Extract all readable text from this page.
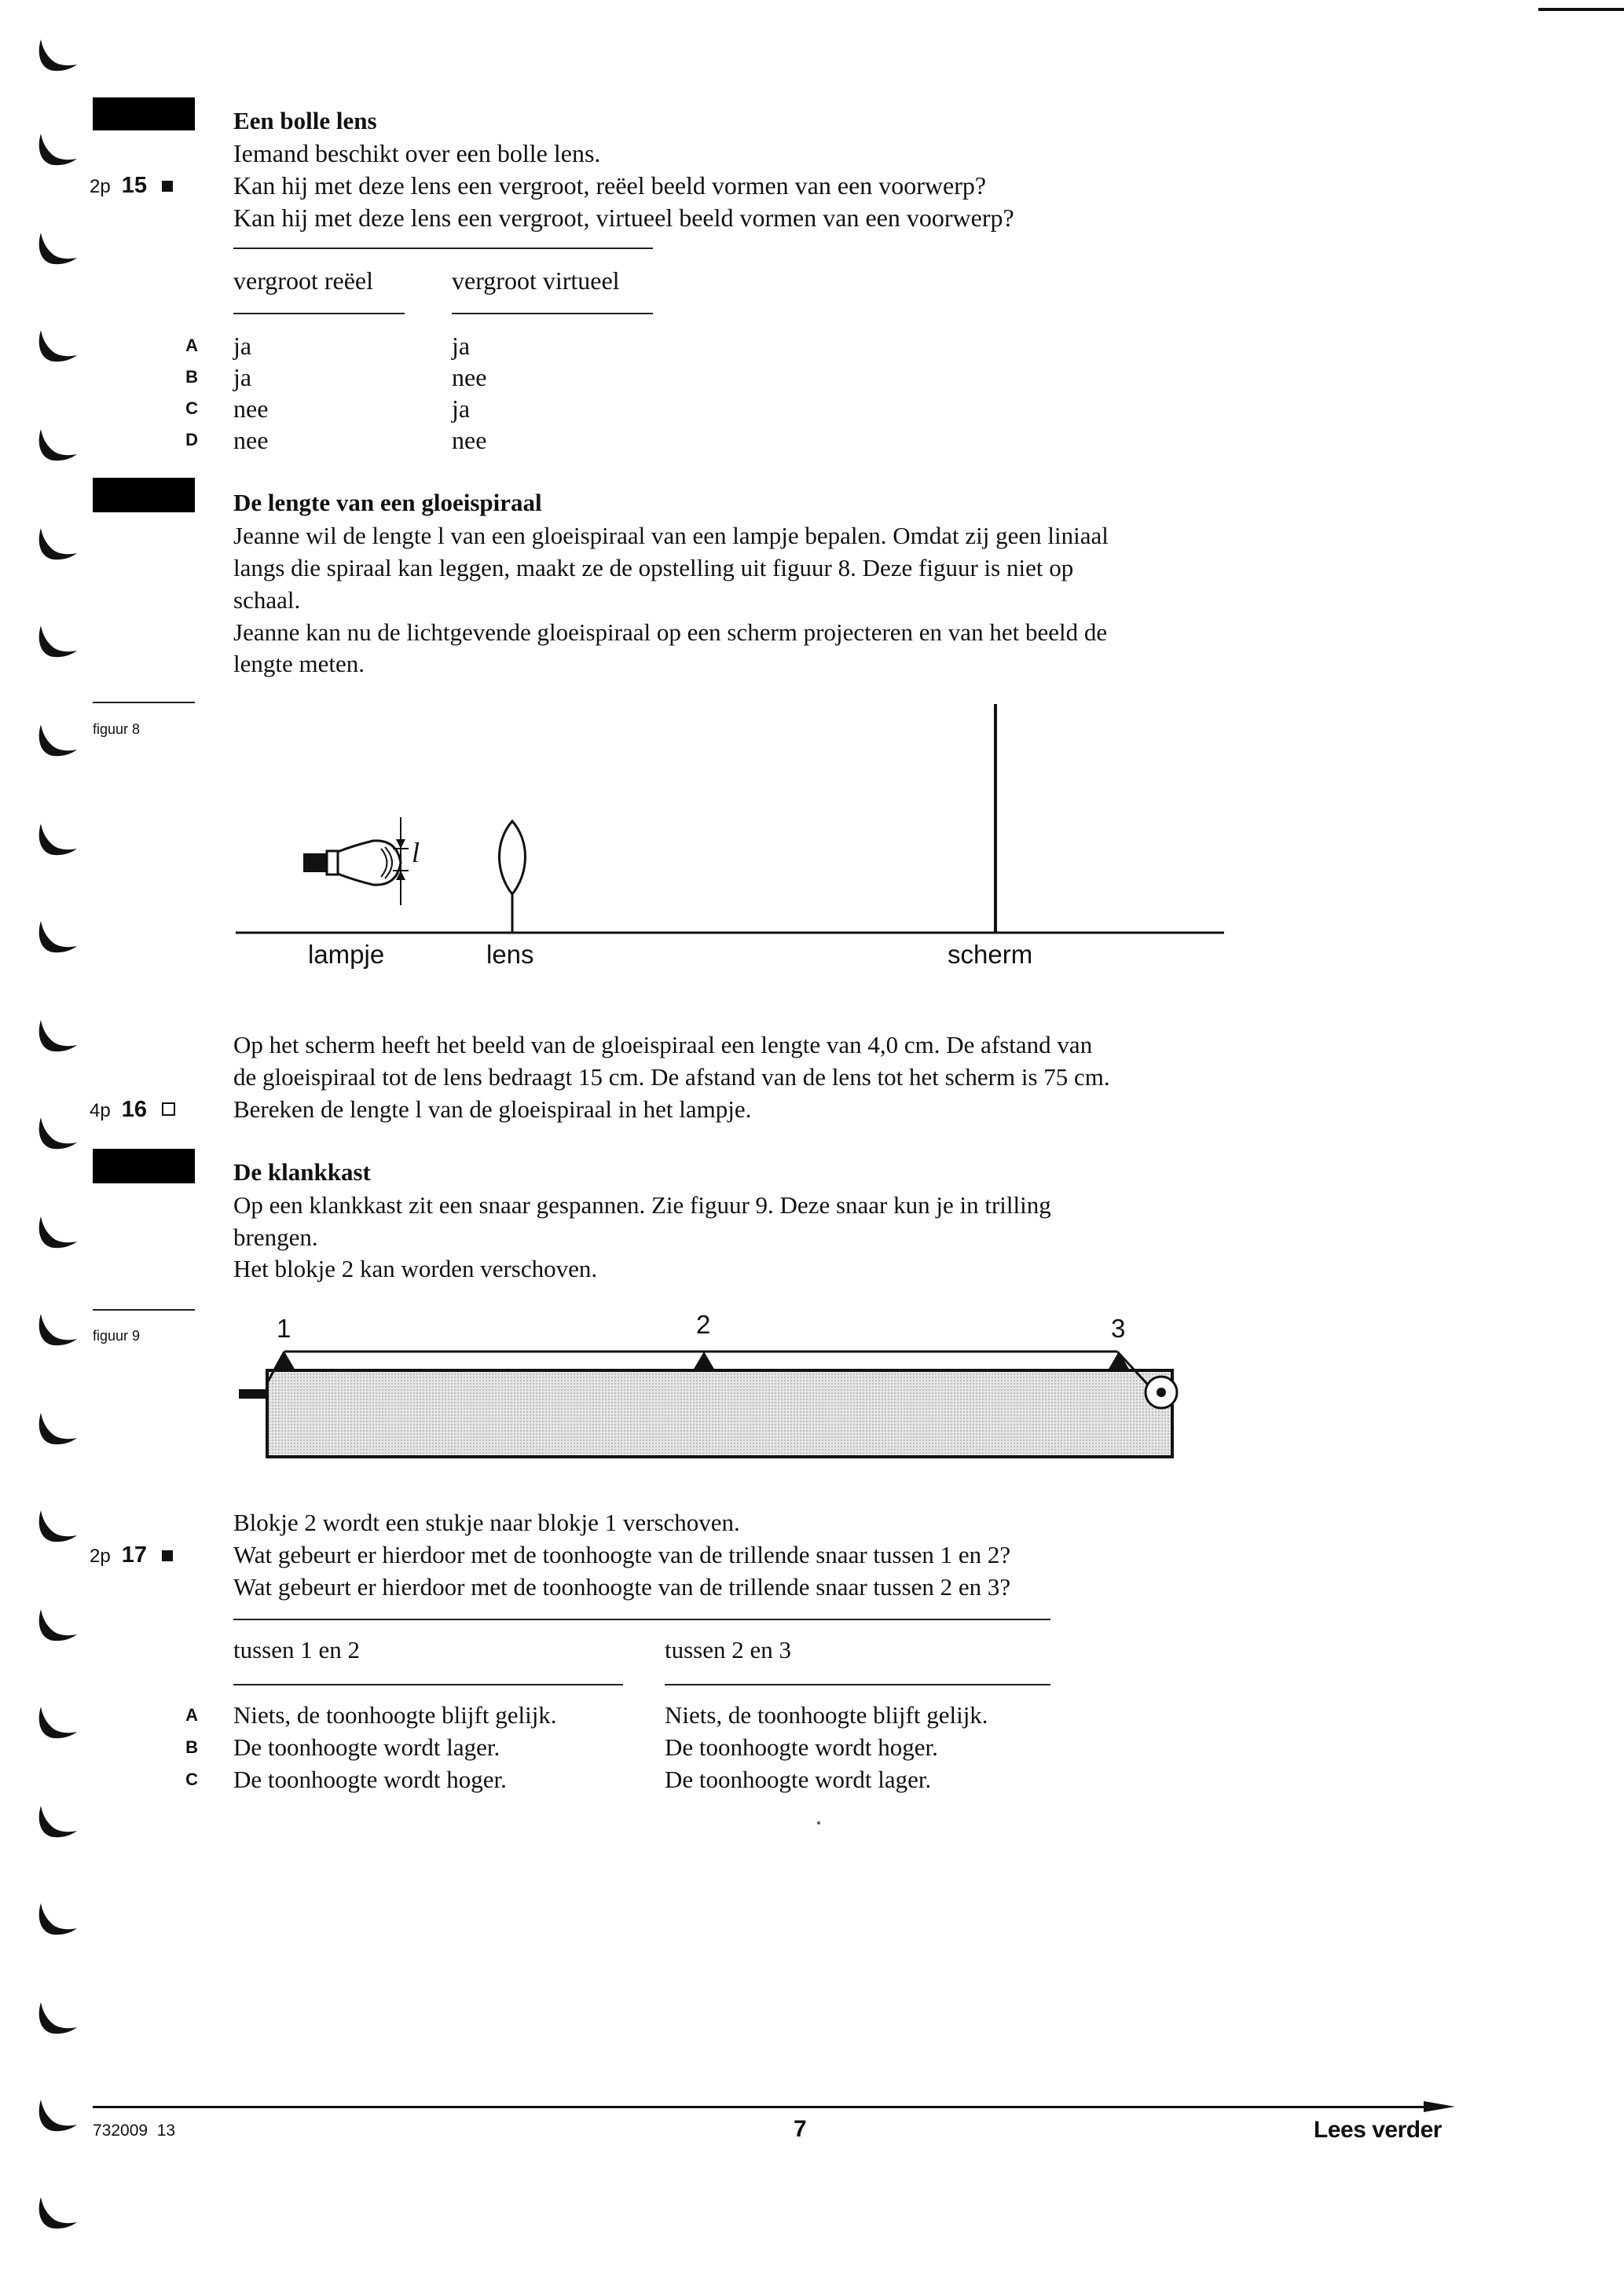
Een bolle lens
Iemand beschikt over een bolle lens.
2p 15	Kan hij met deze lens een vergroot, reëel beeld vormen van een voorwerp?
Kan hij met deze lens een vergroot, virtueel beeld vormen van een voorwerp?
vergroot reëel	vergroot virtueel
A ja	ja
B ja	nee
C nee	ja
D nee	nee
De lengte van een gloeispiraal
Jeanne wil de lengte l van een gloeispiraal van een lampje bepalen. Omdat zij geen liniaal
langs die spiraal kan leggen, maakt ze de opstelling uit figuur 8. Deze figuur is niet op
schaal.
Jeanne kan nu de lichtgevende gloeispiraal op een scherm projecteren en van het beeld de
lengte meten.
figuur 8
l
lampje	lens	scherm
Op het scherm heeft het beeld van de gloeispiraal een lengte van 4,0 cm. De afstand van
de gloeispiraal tot de lens bedraagt 15 cm. De afstand van de lens tot het scherm is 75 cm.
4p 16	Bereken de lengte l van de gloeispiraal in het lampje.
De klankkast
Op een klankkast zit een snaar gespannen. Zie figuur 9. Deze snaar kun je in trilling
brengen.
Het blokje 2 kan worden verschoven.
figuur 9	1	2	3
Blokje 2 wordt een stukje naar blokje 1 verschoven.
2p 17	Wat gebeurt er hierdoor met de toonhoogte van de trillende snaar tussen 1 en 2?
Wat gebeurt er hierdoor met de toonhoogte van de trillende snaar tussen 2 en 3?
tussen 1 en 2	tussen 2 en 3
A Niets, de toonhoogte blijft gelijk.	Niets, de toonhoogte blijft gelijk.
B De toonhoogte wordt lager.	De toonhoogte wordt hoger.
C De toonhoogte wordt hoger.	De toonhoogte wordt lager.
732009  13	7	Lees verder
